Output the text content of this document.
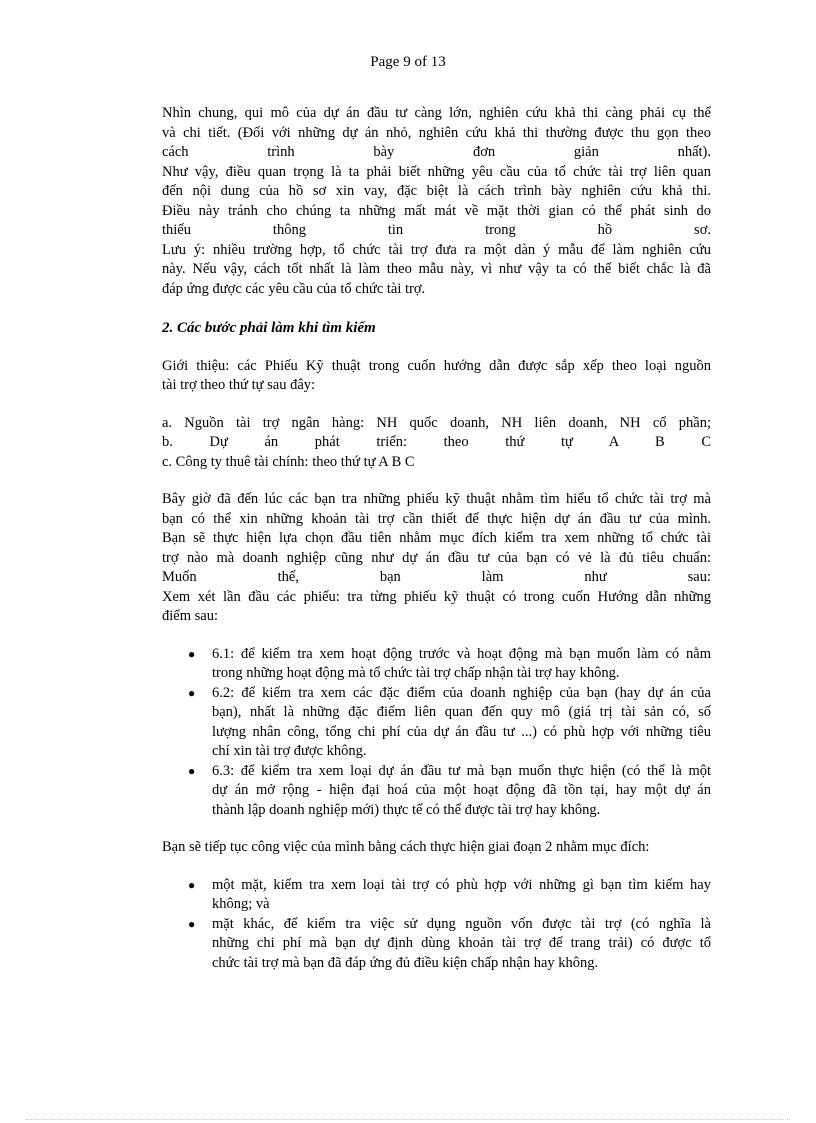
Page 9 of 13
Nhìn chung, qui mô của dự án đầu tư càng lớn, nghiên cứu khả thi càng phải cụ thể
và chi tiết. (Đối với những dự án nhỏ, nghiên cứu khả thi thường được thu gọn theo
cách trình bày đơn giản nhất).
Như vậy, điều quan trọng là ta phải biết những yêu cầu của tổ chức tài trợ liên quan
đến nội dung của hồ sơ xin vay, đặc biệt là cách trình bày nghiên cứu khả thi.
Điều này tránh cho chúng ta những mất mát về mặt thời gian có thể phát sinh do
thiếu thông tin trong hồ sơ.
Lưu ý: nhiều trường hợp, tổ chức tài trợ đưa ra một dàn ý mẫu để làm nghiên cứu
này. Nếu vậy, cách tốt nhất là làm theo mẫu này, vì như vậy ta có thể biết chắc là đã
đáp ứng được các yêu cầu của tổ chức tài trợ.
2. Các bước phải làm khi tìm kiếm
Giới thiệu: các Phiếu Kỹ thuật trong cuốn hướng dẫn được sắp xếp theo loại nguồn
tài trợ theo thứ tự sau đây:
a. Nguồn tài trợ ngân hàng: NH quốc doanh, NH liên doanh, NH cổ phần;
b. Dự án phát triển: theo thứ tự A B C
c. Công ty thuê tài chính: theo thứ tự A B C
Bây giờ đã đến lúc các bạn tra những phiếu kỹ thuật nhằm tìm hiểu tổ chức tài trợ mà
bạn có thể xin những khoản tài trợ cần thiết để thực hiện dự án đầu tư của mình.
Bạn sẽ thực hiện lựa chọn đầu tiên nhằm mục đích kiểm tra xem những tổ chức tài
trợ nào mà doanh nghiệp cũng như dự án đầu tư của bạn có vẻ là đủ tiêu chuẩn:
Muốn thế, bạn làm như sau:
Xem xét lần đầu các phiếu: tra từng phiếu kỹ thuật có trong cuốn Hướng dẫn những
điểm sau:
● 6.1: để kiểm tra xem hoạt động trước và hoạt động mà bạn muốn làm có nằm
trong những hoạt động mà tổ chức tài trợ chấp nhận tài trợ hay không.
● 6.2: để kiểm tra xem các đặc điểm của doanh nghiệp của bạn (hay dự án của
bạn), nhất là những đặc điểm liên quan đến quy mô (giá trị tài sản có, số
lượng nhân công, tổng chi phí của dự án đầu tư ...) có phù hợp với những tiêu
chí xin tài trợ được không.
● 6.3: để kiểm tra xem loại dự án đầu tư mà bạn muốn thực hiện (có thể là một
dự án mở rộng - hiện đại hoá của một hoạt động đã tồn tại, hay một dự án
thành lập doanh nghiệp mới) thực tế có thể được tài trợ hay không.
Bạn sẽ tiếp tục công việc của mình bằng cách thực hiện giai đoạn 2 nhằm mục đích:
● một mặt, kiểm tra xem loại tài trợ có phù hợp với những gì bạn tìm kiếm hay
không; và
● mặt khác, để kiểm tra việc sử dụng nguồn vốn được tài trợ (có nghĩa là
những chi phí mà bạn dự định dùng khoản tài trợ để trang trải) có được tổ
chức tài trợ mà bạn đã đáp ứng đủ điều kiện chấp nhận hay không.
